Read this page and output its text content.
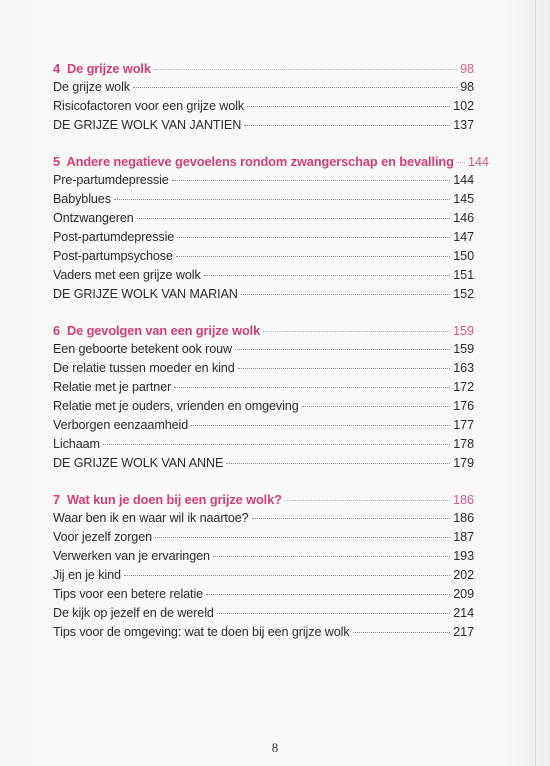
4 De grijze wolk	98
De grijze wolk	98
Risicofactoren voor een grijze wolk	102
DE GRIJZE WOLK VAN JANTIEN	137
5 Andere negatieve gevoelens rondom zwangerschap en bevalling 144
Pre-partumdepressie	144
Babyblues	145
Ontzwangeren	146
Post-partumdepressie	147
Post-partumpsychose	150
Vaders met een grijze wolk	151
DE GRIJZE WOLK VAN MARIAN	152
6 De gevolgen van een grijze wolk	159
Een geboorte betekent ook rouw	159
De relatie tussen moeder en kind	163
Relatie met je partner	172
Relatie met je ouders, vrienden en omgeving	176
Verborgen eenzaamheid	177
Lichaam	178
DE GRIJZE WOLK VAN ANNE	179
7 Wat kun je doen bij een grijze wolk?	186
Waar ben ik en waar wil ik naartoe?	186
Voor jezelf zorgen	187
Verwerken van je ervaringen	193
Jij en je kind	202
Tips voor een betere relatie	209
De kijk op jezelf en de wereld	214
Tips voor de omgeving: wat te doen bij een grijze wolk	217
8
